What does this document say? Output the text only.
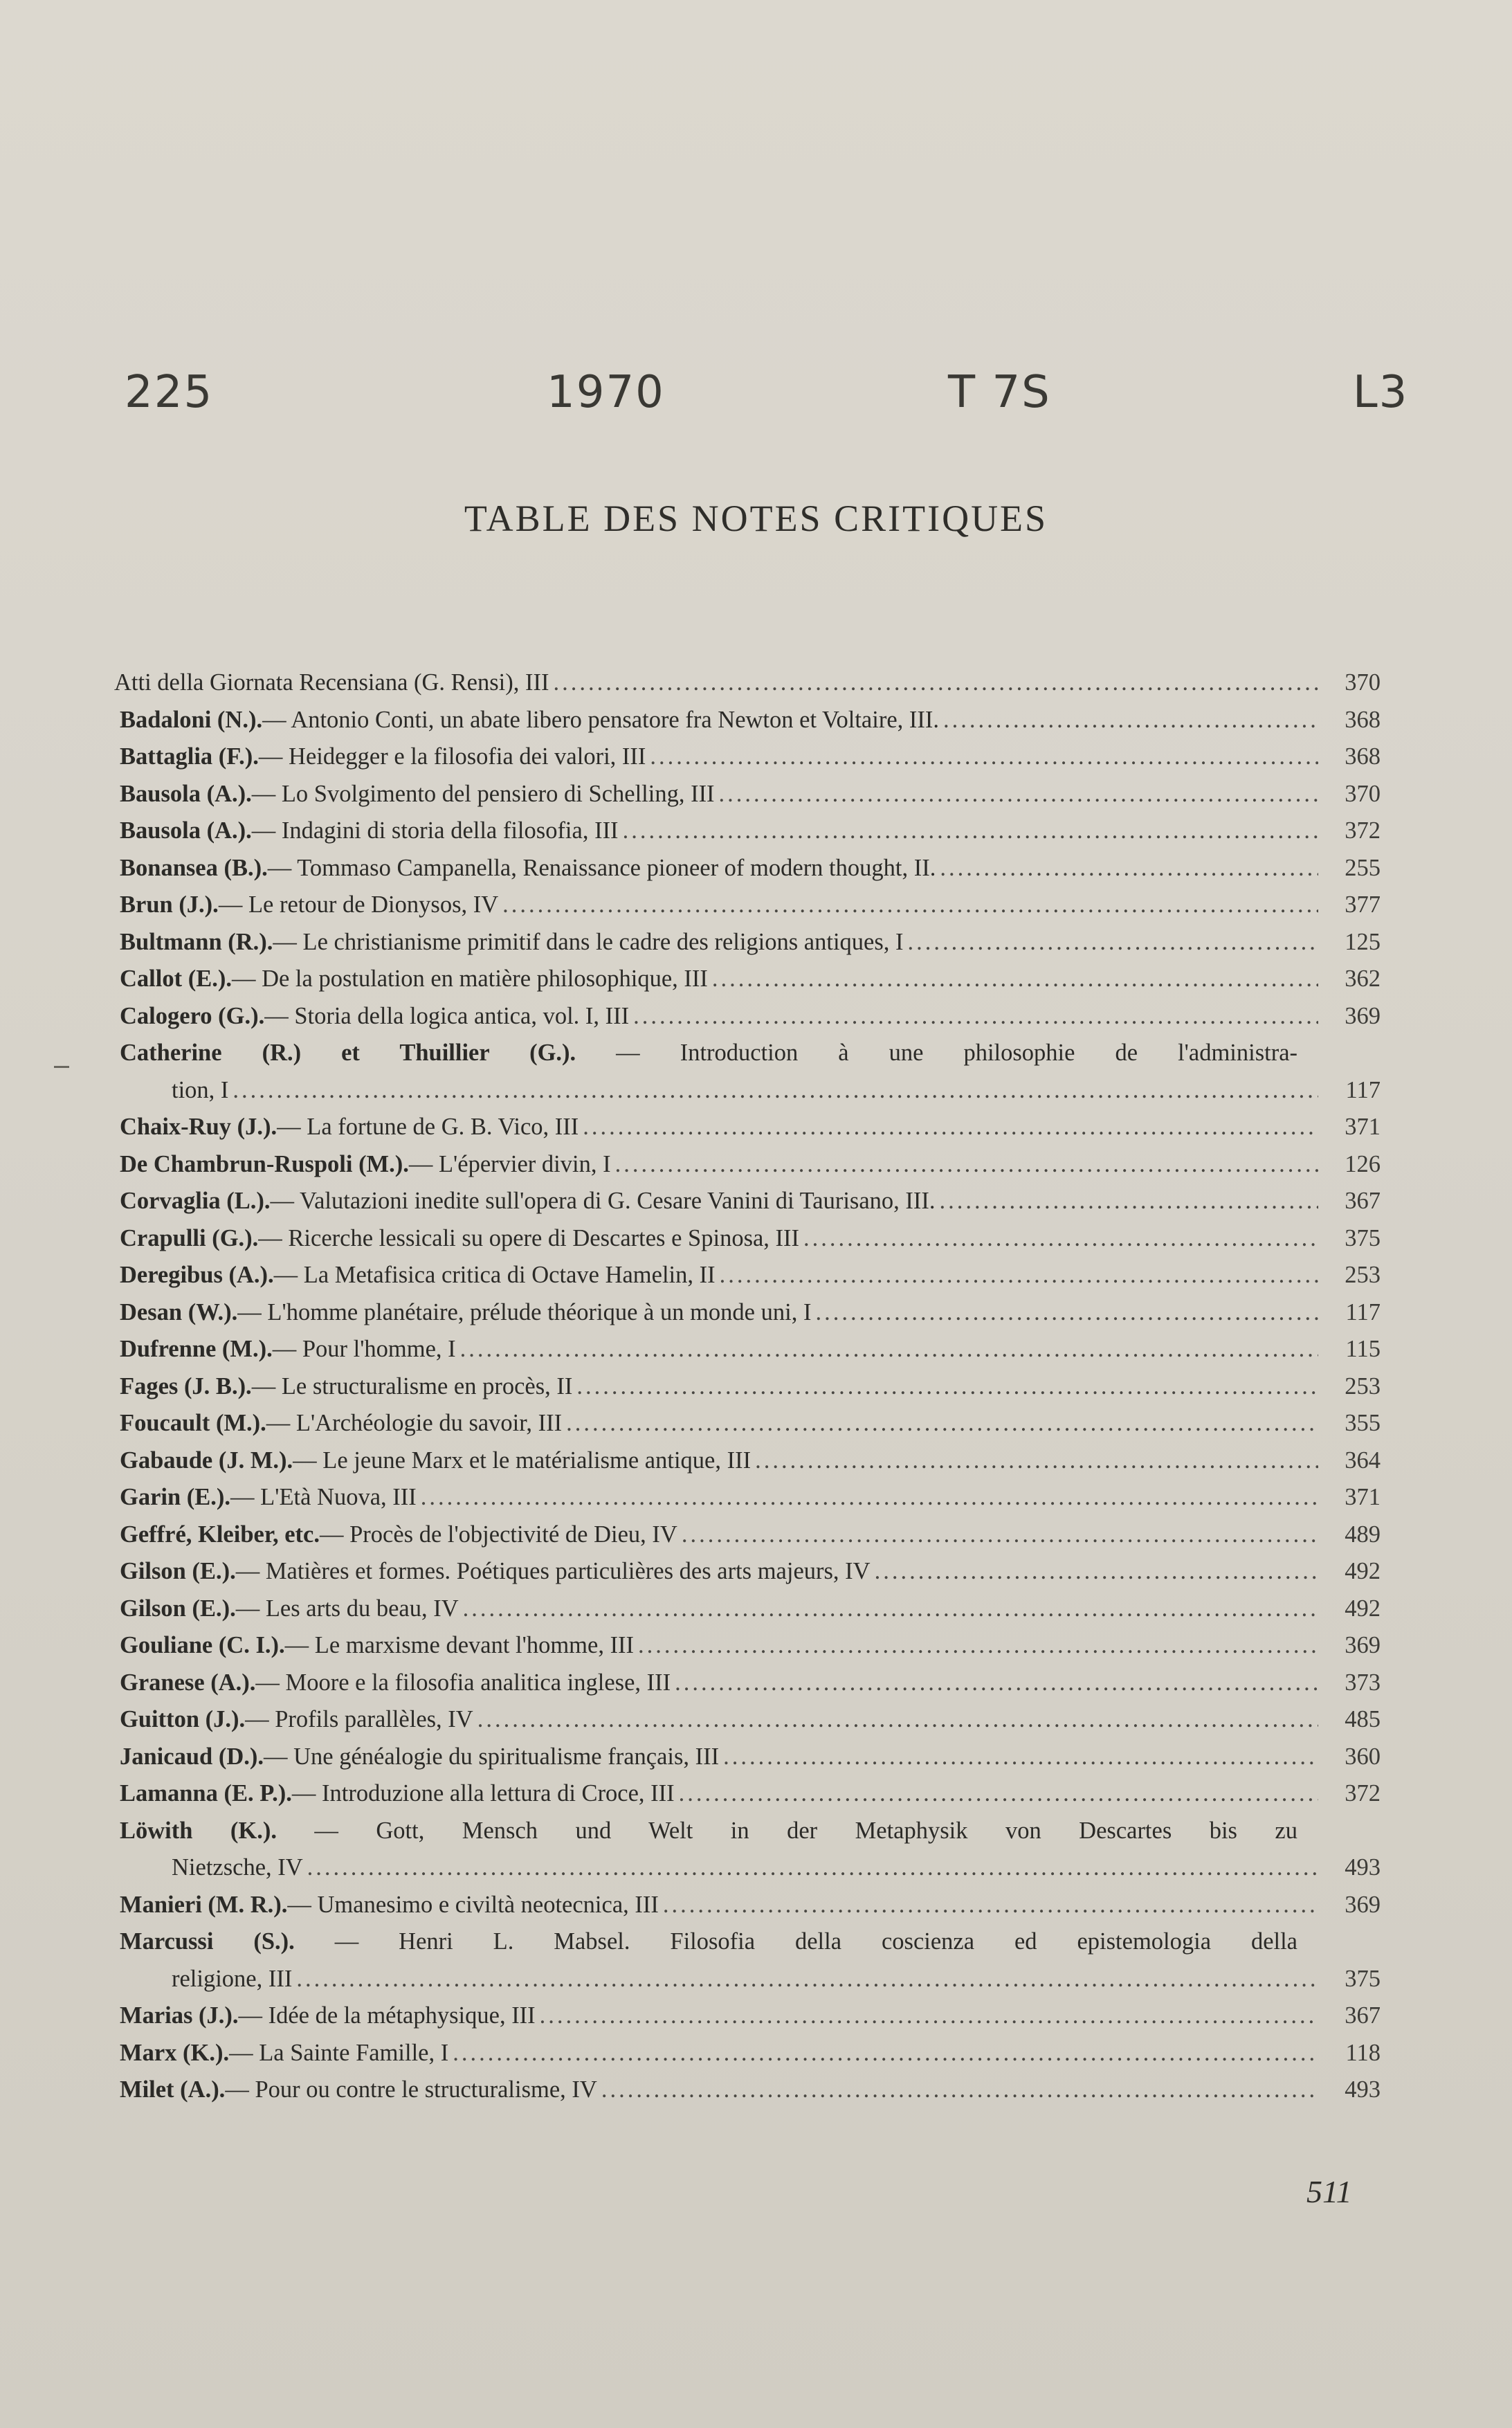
225	1970	T 7S	L3
TABLE DES NOTES CRITIQUES
Atti della Giornata Recensiana (G. Rensi), III .....	370
Badaloni (N.). — Antonio Conti, un abate libero pensatore fra Newton et Voltaire, III. .....	368
Battaglia (F.). — Heidegger e la filosofia dei valori, III .....	368
Bausola (A.). — Lo Svolgimento del pensiero di Schelling, III .....	370
Bausola (A.). — Indagini di storia della filosofia, III .....	372
Bonansea (B.). — Tommaso Campanella, Renaissance pioneer of modern thought, II. .....	255
Brun (J.). — Le retour de Dionysos, IV .....	377
Bultmann (R.). — Le christianisme primitif dans le cadre des religions antiques, I .....	125
Callot (E.). — De la postulation en matière philosophique, III .....	362
Calogero (G.). — Storia della logica antica, vol. I, III .....	369
Catherine (R.) et Thuillier (G.). — Introduction à une philosophie de l'administra-
tion, I .....	117
Chaix-Ruy (J.). — La fortune de G. B. Vico, III .....	371
De Chambrun-Ruspoli (M.). — L'épervier divin, I .....	126
Corvaglia (L.). — Valutazioni inedite sull'opera di G. Cesare Vanini di Taurisano, III. .....	367
Crapulli (G.). — Ricerche lessicali su opere di Descartes e Spinosa, III .....	375
Deregibus (A.). — La Metafisica critica di Octave Hamelin, II .....	253
Desan (W.). — L'homme planétaire, prélude théorique à un monde uni, I .....	117
Dufrenne (M.). — Pour l'homme, I .....	115
Fages (J. B.). — Le structuralisme en procès, II .....	253
Foucault (M.). — L'Archéologie du savoir, III .....	355
Gabaude (J. M.). — Le jeune Marx et le matérialisme antique, III .....	364
Garin (E.). — L'Età Nuova, III .....	371
Geffré, Kleiber, etc. — Procès de l'objectivité de Dieu, IV .....	489
Gilson (E.). — Matières et formes. Poétiques particulières des arts majeurs, IV .....	492
Gilson (E.). — Les arts du beau, IV .....	492
Gouliane (C. I.). — Le marxisme devant l'homme, III .....	369
Granese (A.). — Moore e la filosofia analitica inglese, III .....	373
Guitton (J.). — Profils parallèles, IV .....	485
Janicaud (D.). — Une généalogie du spiritualisme français, III .....	360
Lamanna (E. P.). — Introduzione alla lettura di Croce, III .....	372
Löwith (K.). — Gott, Mensch und Welt in der Metaphysik von Descartes bis zu
Nietzsche, IV .....	493
Manieri (M. R.). — Umanesimo e civiltà neotecnica, III .....	369
Marcussi (S.). — Henri L. Mabsel. Filosofia della coscienza ed epistemologia della
religione, III .....	375
Marias (J.). — Idée de la métaphysique, III .....	367
Marx (K.). — La Sainte Famille, I .....	118
Milet (A.). — Pour ou contre le structuralisme, IV .....	493
511
